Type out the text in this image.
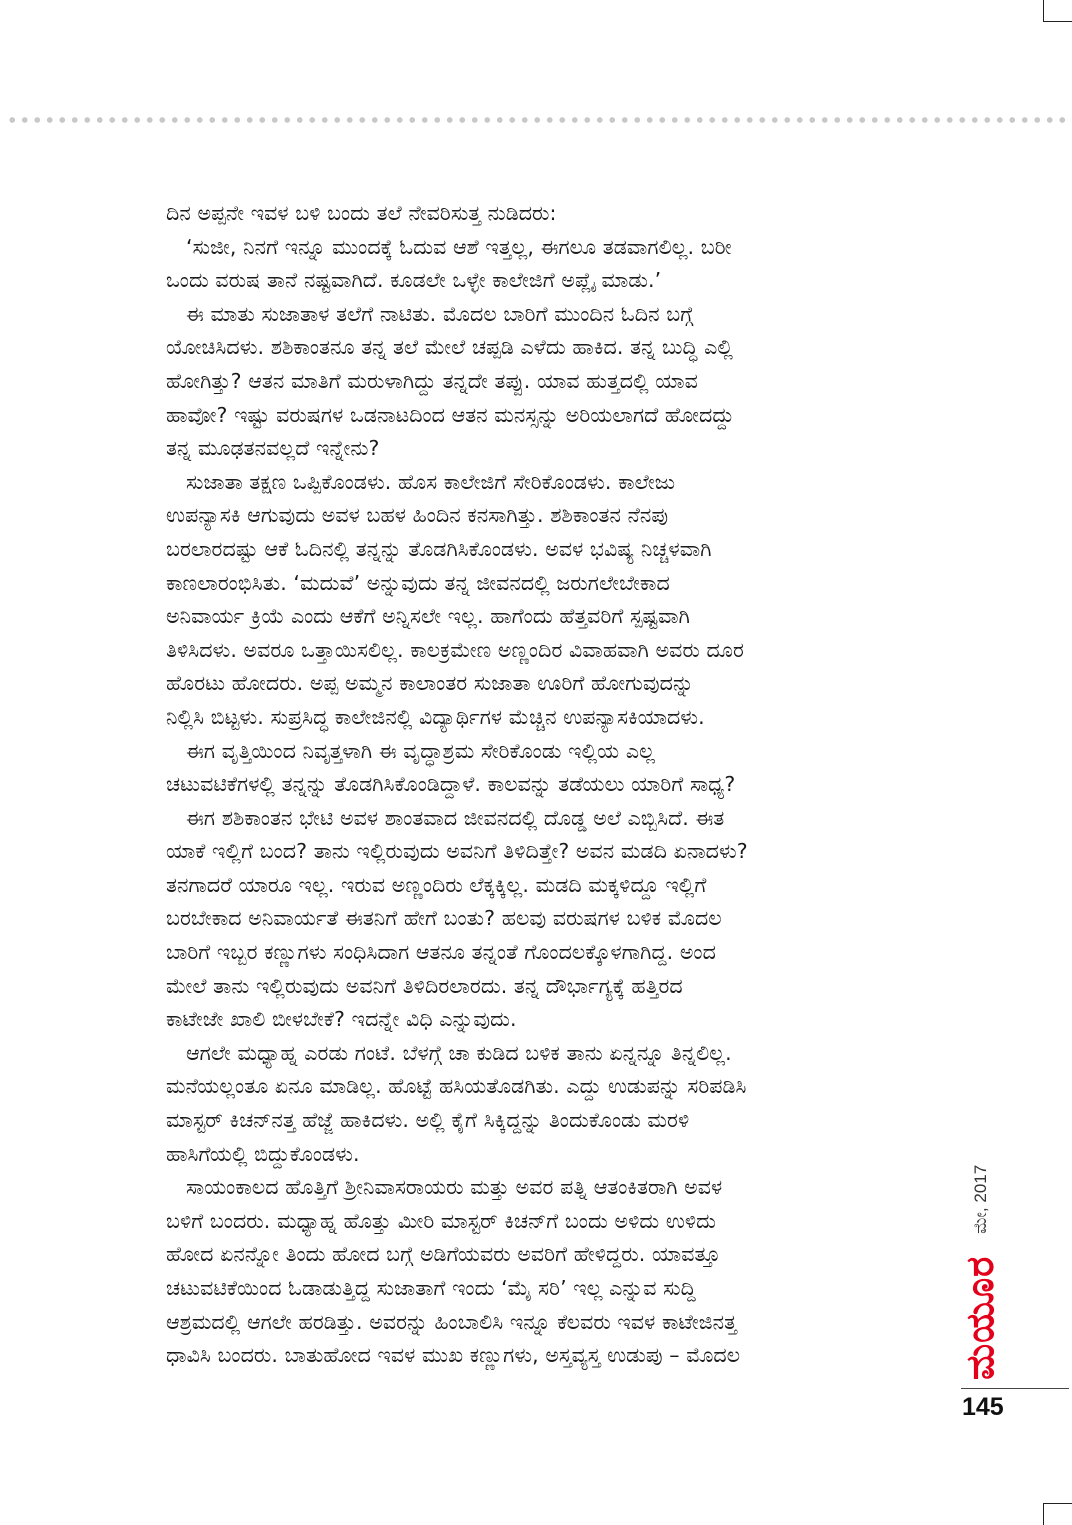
ದಿನ ಅಪ್ಪನೇ ಇವಳ ಬಳಿ ಬಂದು ತಲೆ ನೇವರಿಸುತ್ತ ನುಡಿದರು:
‘ಸುಜೀ, ನಿನಗೆ ಇನ್ನೂ ಮುಂದಕ್ಕೆ ಓದುವ ಆಶೆ ಇತ್ತಲ್ಲ, ಈಗಲೂ ತಡವಾಗಲಿಲ್ಲ. ಬರೀ
ಒಂದು ವರುಷ ತಾನೆ ನಷ್ಟವಾಗಿದೆ. ಕೂಡಲೇ ಒಳ್ಳೇ ಕಾಲೇಜಿಗೆ ಅಪ್ಲೈ ಮಾಡು.’
ಈ ಮಾತು ಸುಜಾತಾಳ ತಲೆಗೆ ನಾಟಿತು. ಮೊದಲ ಬಾರಿಗೆ ಮುಂದಿನ ಓದಿನ ಬಗ್ಗೆ
ಯೋಚಿಸಿದಳು. ಶಶಿಕಾಂತನೂ ತನ್ನ ತಲೆ ಮೇಲೆ ಚಪ್ಪಡಿ ಎಳೆದು ಹಾಕಿದ. ತನ್ನ ಬುದ್ಧಿ ಎಲ್ಲಿ
ಹೋಗಿತ್ತು? ಆತನ ಮಾತಿಗೆ ಮರುಳಾಗಿದ್ದು ತನ್ನದೇ ತಪ್ಪು. ಯಾವ ಹುತ್ತದಲ್ಲಿ ಯಾವ
ಹಾವೋ? ಇಷ್ಟು ವರುಷಗಳ ಒಡನಾಟದಿಂದ ಆತನ ಮನಸ್ಸನ್ನು ಅರಿಯಲಾಗದೆ ಹೋದದ್ದು
ತನ್ನ ಮೂಢತನವಲ್ಲದೆ ಇನ್ನೇನು?
ಸುಜಾತಾ ತಕ್ಷಣ ಒಪ್ಪಿಕೊಂಡಳು. ಹೊಸ ಕಾಲೇಜಿಗೆ ಸೇರಿಕೊಂಡಳು. ಕಾಲೇಜು
ಉಪನ್ಯಾಸಕಿ ಆಗುವುದು ಅವಳ ಬಹಳ ಹಿಂದಿನ ಕನಸಾಗಿತ್ತು. ಶಶಿಕಾಂತನ ನೆನಪು
ಬರಲಾರದಷ್ಟು ಆಕೆ ಓದಿನಲ್ಲಿ ತನ್ನನ್ನು ತೊಡಗಿಸಿಕೊಂಡಳು. ಅವಳ ಭವಿಷ್ಯ ನಿಚ್ಚಳವಾಗಿ
ಕಾಣಲಾರಂಭಿಸಿತು. ‘ಮದುವೆ’ ಅನ್ನುವುದು ತನ್ನ ಜೀವನದಲ್ಲಿ ಜರುಗಲೇಬೇಕಾದ
ಅನಿವಾರ್ಯ ಕ್ರಿಯೆ ಎಂದು ಆಕೆಗೆ ಅನ್ನಿಸಲೇ ಇಲ್ಲ. ಹಾಗೆಂದು ಹೆತ್ತವರಿಗೆ ಸ್ಪಷ್ಟವಾಗಿ
ತಿಳಿಸಿದಳು. ಅವರೂ ಒತ್ತಾಯಿಸಲಿಲ್ಲ. ಕಾಲಕ್ರಮೇಣ ಅಣ್ಣಂದಿರ ವಿವಾಹವಾಗಿ ಅವರು ದೂರ
ಹೊರಟು ಹೋದರು. ಅಪ್ಪ ಅಮ್ಮನ ಕಾಲಾಂತರ ಸುಜಾತಾ ಊರಿಗೆ ಹೋಗುವುದನ್ನು
ನಿಲ್ಲಿಸಿ ಬಿಟ್ಟಳು. ಸುಪ್ರಸಿದ್ಧ ಕಾಲೇಜಿನಲ್ಲಿ ವಿದ್ಯಾರ್ಥಿಗಳ ಮೆಚ್ಚಿನ ಉಪನ್ಯಾಸಕಿಯಾದಳು.
ಈಗ ವೃತ್ತಿಯಿಂದ ನಿವೃತ್ತಳಾಗಿ ಈ ವೃದ್ಧಾಶ್ರಮ ಸೇರಿಕೊಂಡು ಇಲ್ಲಿಯ ಎಲ್ಲ
ಚಟುವಟಿಕೆಗಳಲ್ಲಿ ತನ್ನನ್ನು ತೊಡಗಿಸಿಕೊಂಡಿದ್ದಾಳೆ. ಕಾಲವನ್ನು ತಡೆಯಲು ಯಾರಿಗೆ ಸಾಧ್ಯ?
ಈಗ ಶಶಿಕಾಂತನ ಭೇಟಿ ಅವಳ ಶಾಂತವಾದ ಜೀವನದಲ್ಲಿ ದೊಡ್ಡ ಅಲೆ ಎಬ್ಬಿಸಿದೆ. ಈತ
ಯಾಕೆ ಇಲ್ಲಿಗೆ ಬಂದ? ತಾನು ಇಲ್ಲಿರುವುದು ಅವನಿಗೆ ತಿಳಿದಿತ್ತೇ? ಅವನ ಮಡದಿ ಏನಾದಳು?
ತನಗಾದರೆ ಯಾರೂ ಇಲ್ಲ. ಇರುವ ಅಣ್ಣಂದಿರು ಲೆಕ್ಕಕ್ಕಿಲ್ಲ. ಮಡದಿ ಮಕ್ಕಳಿದ್ದೂ ಇಲ್ಲಿಗೆ
ಬರಬೇಕಾದ ಅನಿವಾರ್ಯತೆ ಈತನಿಗೆ ಹೇಗೆ ಬಂತು? ಹಲವು ವರುಷಗಳ ಬಳಿಕ ಮೊದಲ
ಬಾರಿಗೆ ಇಬ್ಬರ ಕಣ್ಣುಗಳು ಸಂಧಿಸಿದಾಗ ಆತನೂ ತನ್ನಂತೆ ಗೊಂದಲಕ್ಕೊಳಗಾಗಿದ್ದ. ಅಂದ
ಮೇಲೆ ತಾನು ಇಲ್ಲಿರುವುದು ಅವನಿಗೆ ತಿಳಿದಿರಲಾರದು. ತನ್ನ ದೌರ್ಭಾಗ್ಯಕ್ಕೆ ಹತ್ತಿರದ
ಕಾಟೇಜೇ ಖಾಲಿ ಬೀಳಬೇಕೆ? ಇದನ್ನೇ ವಿಧಿ ಎನ್ನುವುದು.
ಆಗಲೇ ಮಧ್ಯಾಹ್ನ ಎರಡು ಗಂಟೆ. ಬೆಳಗ್ಗೆ ಚಾ ಕುಡಿದ ಬಳಿಕ ತಾನು ಏನ್ನನ್ನೂ ತಿನ್ನಲಿಲ್ಲ.
ಮನೆಯಲ್ಲಂತೂ ಏನೂ ಮಾಡಿಲ್ಲ. ಹೊಟ್ಟೆ ಹಸಿಯತೊಡಗಿತು. ಎದ್ದು ಉಡುಪನ್ನು ಸರಿಪಡಿಸಿ
ಮಾಸ್ಟರ್ ಕಿಚನ್‌ನತ್ತ ಹೆಜ್ಜೆ ಹಾಕಿದಳು. ಅಲ್ಲಿ ಕೈಗೆ ಸಿಕ್ಕಿದ್ದನ್ನು ತಿಂದುಕೊಂಡು ಮರಳಿ
ಹಾಸಿಗೆಯಲ್ಲಿ ಬಿದ್ದುಕೊಂಡಳು.
ಸಾಯಂಕಾಲದ ಹೊತ್ತಿಗೆ ಶ್ರೀನಿವಾಸರಾಯರು ಮತ್ತು ಅವರ ಪತ್ನಿ ಆತಂಕಿತರಾಗಿ ಅವಳ
ಬಳಿಗೆ ಬಂದರು. ಮಧ್ಯಾಹ್ನ ಹೊತ್ತು ಮೀರಿ ಮಾಸ್ಟರ್ ಕಿಚನ್‌ಗೆ ಬಂದು ಅಳಿದು ಉಳಿದು
ಹೋದ ಏನನ್ನೋ ತಿಂದು ಹೋದ ಬಗ್ಗೆ ಅಡಿಗೆಯವರು ಅವರಿಗೆ ಹೇಳಿದ್ದರು. ಯಾವತ್ತೂ
ಚಟುವಟಿಕೆಯಿಂದ ಓಡಾಡುತ್ತಿದ್ದ ಸುಜಾತಾಗೆ ಇಂದು ‘ಮೈ ಸರಿ’ ಇಲ್ಲ ಎನ್ನುವ ಸುದ್ದಿ
ಆಶ್ರಮದಲ್ಲಿ ಆಗಲೇ ಹರಡಿತ್ತು. ಅವರನ್ನು ಹಿಂಬಾಲಿಸಿ ಇನ್ನೂ ಕೆಲವರು ಇವಳ ಕಾಟೇಜಿನತ್ತ
ಧಾವಿಸಿ ಬಂದರು. ಬಾತುಹೋದ ಇವಳ ಮುಖ ಕಣ್ಣುಗಳು, ಅಸ್ತವ್ಯಸ್ತ ಉಡುಪು – ಮೊದಲ	ಮಯೂರ
ಮೇ, 2017
145
